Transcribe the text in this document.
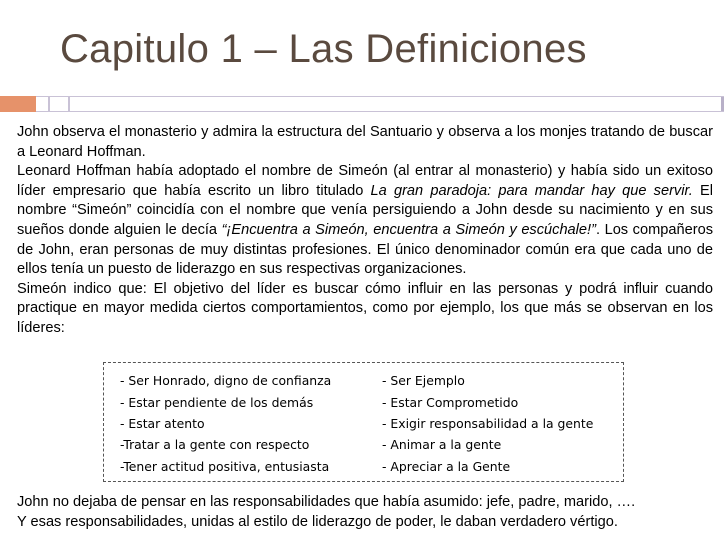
Capitulo 1 – Las Definiciones

John observa el monasterio y admira la estructura del Santuario y observa a los monjes tratando de buscar a Leonard Hoffman.

Leonard Hoffman había adoptado el nombre de Simeón (al entrar al monasterio) y había sido un exitoso líder empresario que había escrito un libro titulado La gran paradoja: para mandar hay que servir. El nombre “Simeón” coincidía con el nombre que venía persiguiendo a John desde su nacimiento y en sus sueños donde alguien le decía “¡Encuentra a Simeón, encuentra a Simeón y escúchale!”. Los compañeros de John, eran personas de muy distintas profesiones. El único denominador común era que cada uno de ellos tenía un puesto de liderazgo en sus respectivas organizaciones.

Simeón indico que: El objetivo del líder es buscar cómo influir en las personas y podrá influir cuando practique en mayor medida ciertos comportamientos, como por ejemplo, los que más se observan en los líderes:

- Ser Honrado, digno de confianza	- Ser Ejemplo
- Estar pendiente de los demás	- Estar Comprometido
- Estar atento	- Exigir responsabilidad a la gente
-Tratar a la gente con respecto	- Animar a la gente
-Tener actitud positiva, entusiasta	- Apreciar a la Gente

John no dejaba de pensar en las responsabilidades que había asumido: jefe, padre, marido, ….

Y esas responsabilidades, unidas al estilo de liderazgo de poder, le daban verdadero vértigo.
